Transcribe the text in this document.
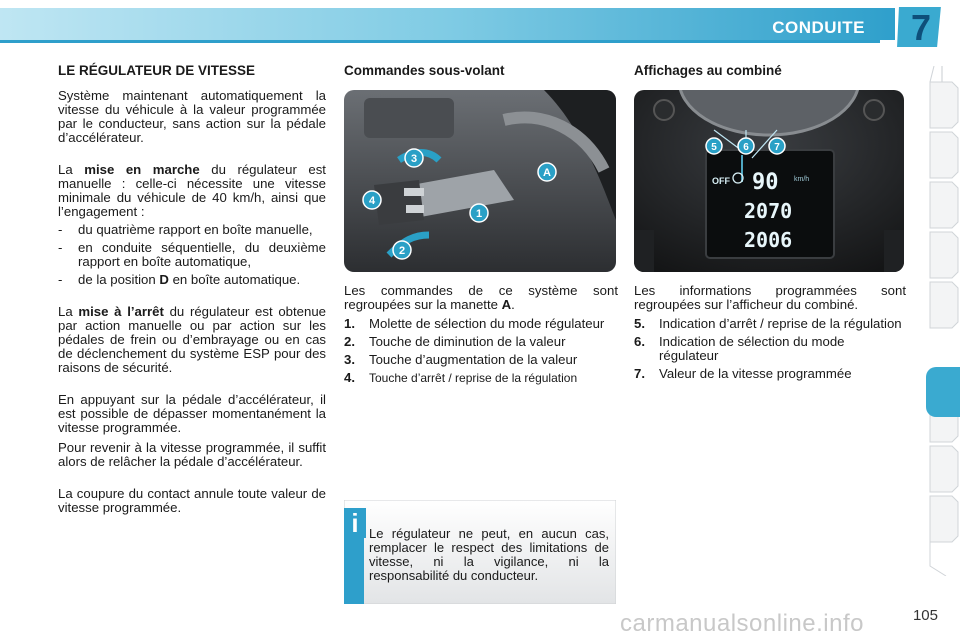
CONDUITE	7
LE RÉGULATEUR DE VITESSE

Système maintenant automatiquement la vitesse du véhicule à la valeur programmée par le conducteur, sans action sur la pédale d’accélérateur.

La mise en marche du régulateur est manuelle : celle-ci nécessite une vitesse minimale du véhicule de 40 km/h, ainsi que l’engagement :

-	du quatrième rapport en boîte manuelle,
-	en conduite séquentielle, du deuxième rapport en boîte automatique,
-	de la position D en boîte automatique.

La mise à l’arrêt du régulateur est obtenue par action manuelle ou par action sur les pédales de frein ou d’embrayage ou en cas de déclenchement du système ESP pour des raisons de sécurité.

En appuyant sur la pédale d’accélérateur, il est possible de dépasser momentanément la vitesse programmée.

Pour revenir à la vitesse programmée, il suffit alors de relâcher la pédale d’accélérateur.

La coupure du contact annule toute valeur de vitesse programmée.

Commandes sous-volant
1
2
3
4
A

Les commandes de ce système sont regroupées sur la manette A.

1.	Molette de sélection du mode régulateur
2.	Touche de diminution de la valeur
3.	Touche d’augmentation de la valeur
4.	Touche d’arrêt / reprise de la régulation
i Le régulateur ne peut, en aucun cas, remplacer le respect des limitations de vitesse, ni la vigilance, ni la responsabilité du conducteur.

Affichages au combiné
5	6	7
OFF 90 km/h
2070
2006

Les informations programmées sont regroupées sur l’afficheur du combiné.

5.	Indication d’arrêt / reprise de la régulation
6.	Indication de sélection du mode régulateur
7.	Valeur de la vitesse programmée
105
carmanualsonline.info
